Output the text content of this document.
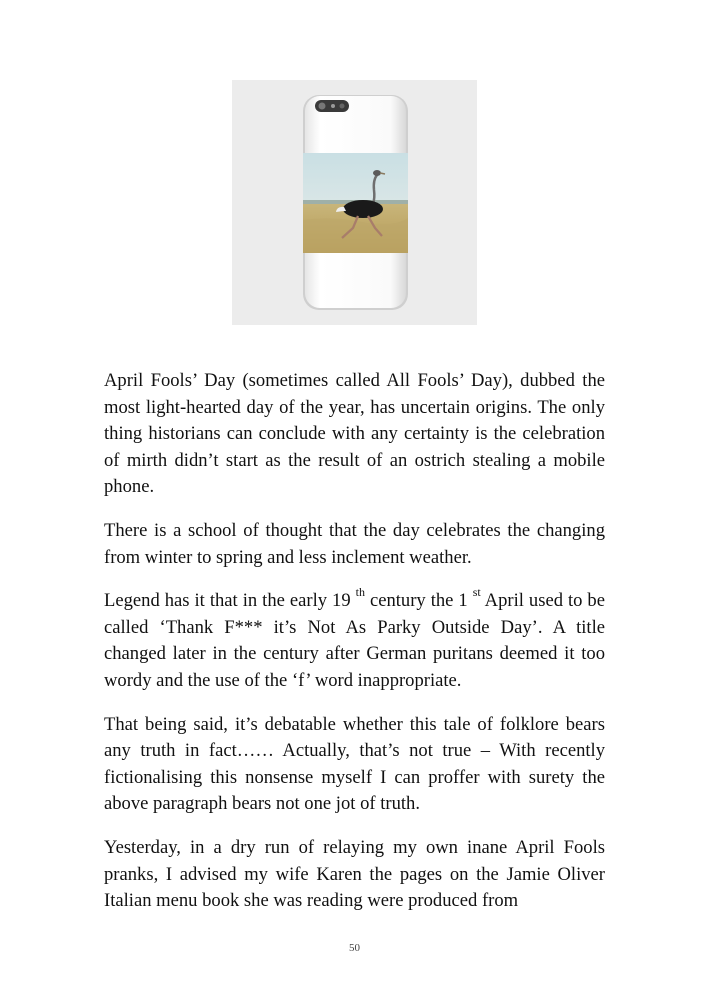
April Fools’ Day (sometimes called All Fools’ Day), dubbed the most light-hearted day of the year, has uncertain origins. The only thing historians can conclude with any certainty is the celebration of mirth didn’t start as the result of an ostrich stealing a mobile phone.

There is a school of thought that the day celebrates the changing from winter to spring and less inclement weather.

Legend has it that in the early 19 $^{th}$ century the 1 $^{st}$ April used to be called ‘Thank F*** it’s Not As Parky Outside Day’. A title changed later in the century after German puritans deemed it too wordy and the use of the ‘f’ word inappropriate.

That being said, it’s debatable whether this tale of folklore bears any truth in fact…… Actually, that’s not true – With recently fictionalising this nonsense myself I can proffer with surety the above paragraph bears not one jot of truth.

Yesterday, in a dry run of relaying my own inane April Fools pranks, I advised my wife Karen the pages on the Jamie Oliver Italian menu book she was reading were produced from

50
